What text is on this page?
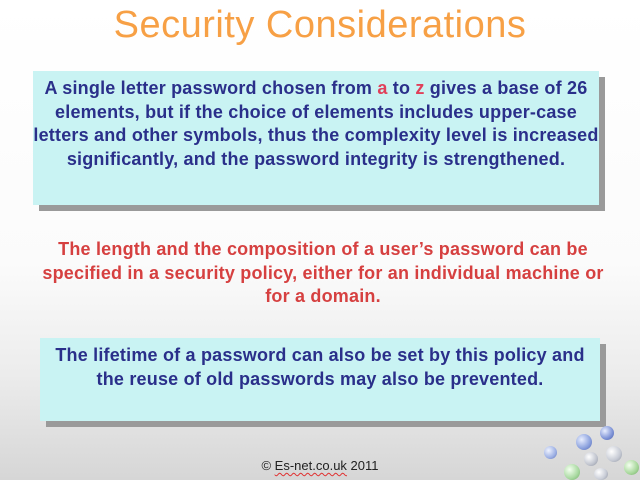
Security Considerations
A single letter password chosen from a to z gives a base of 26 elements, but if the choice of elements includes upper-case letters and other symbols, thus the complexity level is increased significantly, and the password integrity is strengthened.
The length and the composition of a user’s password can be specified in a security policy, either for an individual machine or for a domain.
The lifetime of a password can also be set by this policy and the reuse of old passwords may also be prevented.
© Es-net.co.uk 2011
